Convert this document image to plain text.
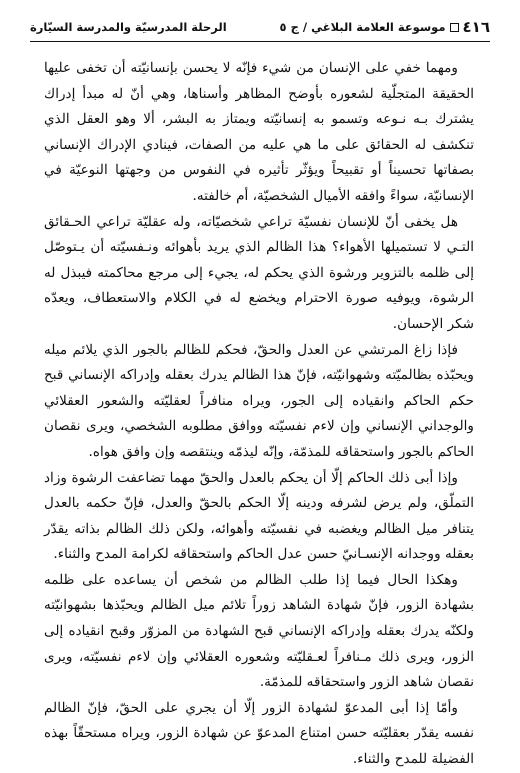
٤١٦
موسوعة العلامة البلاغي / ج ٥
الرحلة المدرسيّة والمدرسة السيّارة

ومهما خفي على الإنسان من شيء فإنّه لا يحسن بإنسانيّته أن تخفى عليها الحقيقة المتجلّية لشعوره بأوضح المظاهر وأسناها، وهي أنّ له مبدأ إدراك يشترك بـه نـوعه وتسمو به إنسانيّته ويمتاز به البشر، ألا وهو العقل الذي تنكشف له الحقائق على ما هي عليه من الصفات، فينادي الإدراك الإنساني بصفاتها تحسيناً أو تقبيحاً ويؤثّر تأثيره في النفوس من وجهتها النوعيّة في الإنسانيّة، سواءً وافقه الأميال الشخصيّة، أم خالفته.

هل يخفى أنّ للإنسان نفسيّة تراعي شخصيّاته، وله عقليّة تراعي الحـقائق التـي لا تستميلها الأهواء؟ هذا الظالم الذي يريد بأهوائه ونـفسيّته أن يـتوصّل إلى ظلمه بالتزوير ورشوة الذي يحكم له، يجيء إلى مرجع محاكمته فيبذل له الرشوة، ويوفيه صورة الاحترام ويخضع له في الكلام والاستعطاف، ويعدّه شكر الإحسان.

فإذا زاغ المرتشي عن العدل والحقّ، فحكم للظالم بالجور الذي يلائم ميله ويحبّذه بظالميّته وشهوانيّته، فإنّ هذا الظالم يدرك بعقله وإدراكه الإنساني قبح حكم الحاكم وانقياده إلى الجور، ويراه منافراً لعقليّته والشعور العقلائي والوجداني الإنساني وإن لاءم نفسيّته ووافق مطلوبه الشخصي، ويرى نقصان الحاكم بالجور واستحقاقه للمذمّة، وإنّه ليذمّه وينتقصه وإن وافق هواه.

وإذا أبى ذلك الحاكم إلّا أن يحكم بالعدل والحقّ مهما تضاعفت الرشوة وزاد التملّق، ولم يرض لشرفه ودينه إلّا الحكم بالحقّ والعدل، فإنّ حكمه بالعدل يتنافر ميل الظالم ويغضبه في نفسيّته وأهوائه، ولكن ذلك الظالم بذاته يقدّر بعقله ووجدانه الإنسـانيّ حسن عدل الحاكم واستحقاقه لكرامة المدح والثناء.

وهكذا الحال فيما إذا طلب الظالم من شخص أن يساعده على ظلمه بشهادة الزور، فإنّ شهادة الشاهد زوراً تلائم ميل الظالم ويحبّذها بشهوانيّته ولكنّه يدرك بعقله وإدراكه الإنساني قبح الشهادة من المزوّر وقبح انقياده إلى الزور، ويرى ذلك مـنافراً لعـقليّته وشعوره العقلائي وإن لاءم نفسيّته، ويرى نقصان شاهد الزور واستحقاقه للمذمّة.

وأمّا إذا أبى المدعوّ لشهادة الزور إلّا أن يجري على الحقّ، فإنّ الظالم نفسه يقدّر بعقليّته حسن امتناع المدعوّ عن شهادة الزور، ويراه مستحقّاً بهذه الفضيلة للمدح والثناء.
